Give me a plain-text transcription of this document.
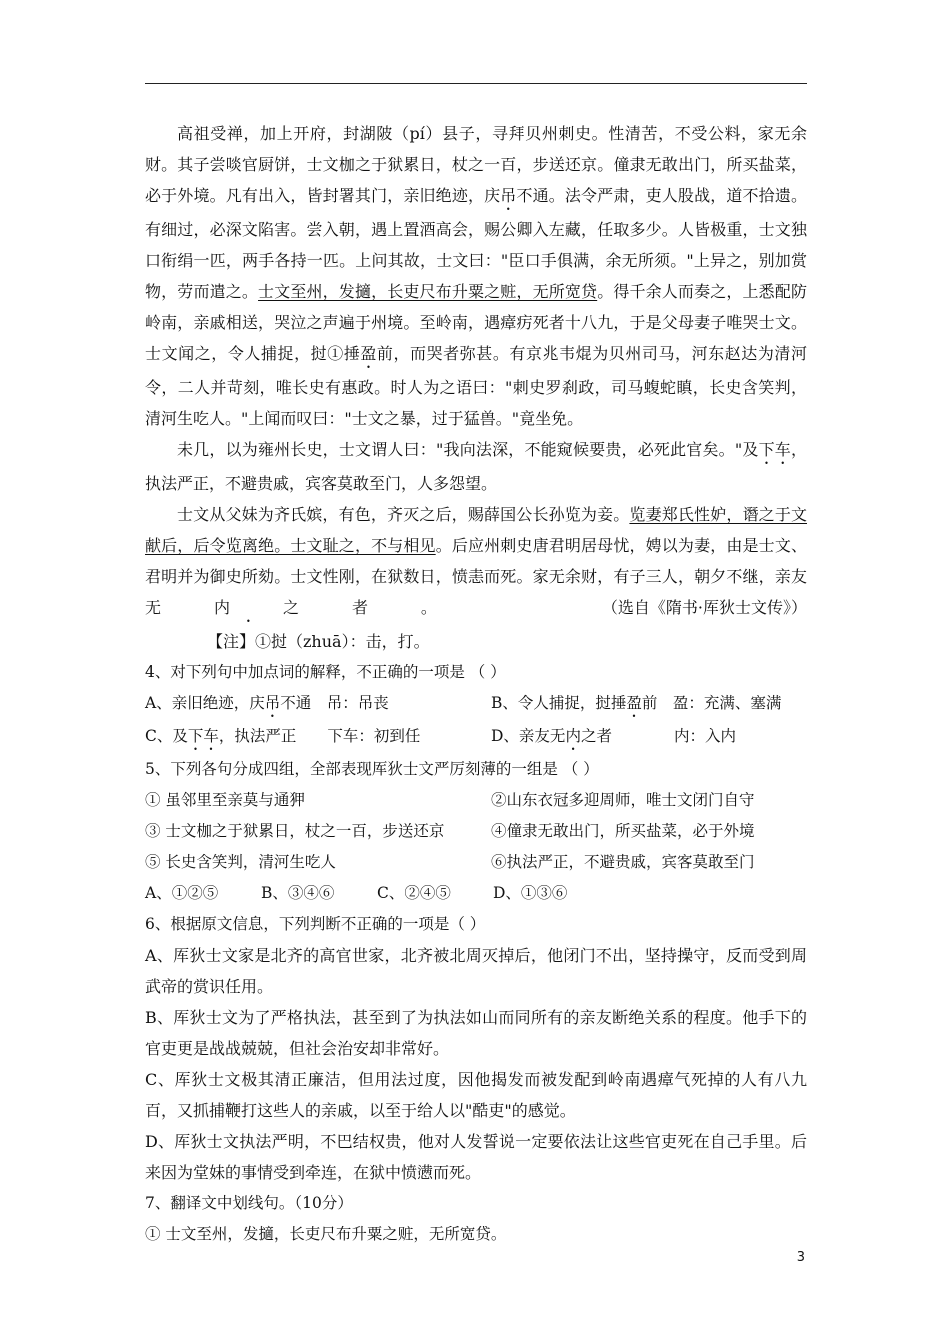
高祖受禅，加上开府，封湖陂（pí）县子，寻拜贝州刺史。性清苦，不受公料，家无余财。其子尝啖官厨饼，士文枷之于狱累日，杖之一百，步送还京。僮隶无敢出门，所买盐菜，必于外境。凡有出入，皆封署其门，亲旧绝迹，庆吊不通。法令严肃，吏人股战，道不拾遗。有细过，必深文陷害。尝入朝，遇上置酒高会，赐公卿入左藏，任取多少。人皆极重，士文独口衔绢一匹，两手各持一匹。上问其故，士文曰："臣口手俱满，余无所须。"上异之，别加赏物，劳而遣之。士文至州，发擿，长吏尺布升粟之赃，无所宽贷。得千余人而奏之，上悉配防岭南，亲戚相送，哭泣之声遍于州境。至岭南，遇瘴疠死者十八九，于是父母妻子唯哭士文。士文闻之，令人捕捉，挝①捶盈前，而哭者弥甚。有京兆韦焜为贝州司马，河东赵达为清河令，二人并苛刻，唯长史有惠政。时人为之语曰："刺史罗刹政，司马蝮蛇瞋，长史含笑判，清河生吃人。"上闻而叹曰："士文之暴，过于猛兽。"竟坐免。

未几，以为雍州长史，士文谓人曰："我向法深，不能窥候要贵，必死此官矣。"及下车，执法严正，不避贵戚，宾客莫敢至门，人多怨望。

士文从父妹为齐氏嫔，有色，齐灭之后，赐薛国公长孙览为妾。览妻郑氏性妒，谮之于文献后，后令览离绝。士文耻之，不与相见。后应州刺史唐君明居母忧，娉以为妻，由是士文、君明并为御史所劾。士文性刚，在狱数日，愤恚而死。家无余财，有子三人，朝夕不继，亲友无内之者。	（选自《隋书·厍狄士文传》）【注】①挝（zhuā）：击，打。

4、对下列句中加点词的解释，不正确的一项是 （ ）

A、亲旧绝迹，庆吊不通　吊：吊丧	B、令人捕捉，挝捶盈前　盈：充满、塞满

C、及下车，执法严正　　下车：初到任	D、亲友无内之者　　　　内：入内

5、下列各句分成四组，全部表现厍狄士文严厉刻薄的一组是 （ ）

① 虽邻里至亲莫与通狎	②山东衣冠多迎周师，唯士文闭门自守

③ 士文枷之于狱累日，杖之一百，步送还京	④僮隶无敢出门，所买盐菜，必于外境

⑤ 长史含笑判，清河生吃人	⑥执法严正，不避贵戚，宾客莫敢至门

A、①②⑤	B、③④⑥	C、②④⑤	D、①③⑥

6、根据原文信息，下列判断不正确的一项是（ ）

A、厍狄士文家是北齐的高官世家，北齐被北周灭掉后，他闭门不出，坚持操守，反而受到周武帝的赏识任用。

B、厍狄士文为了严格执法，甚至到了为执法如山而同所有的亲友断绝关系的程度。他手下的官吏更是战战兢兢，但社会治安却非常好。

C、厍狄士文极其清正廉洁，但用法过度，因他揭发而被发配到岭南遇瘴气死掉的人有八九百，又抓捕鞭打这些人的亲戚，以至于给人以"酷吏"的感觉。

D、厍狄士文执法严明，不巴结权贵，他对人发誓说一定要依法让这些官吏死在自己手里。后来因为堂妹的事情受到牵连，在狱中愤懑而死。

7、翻译文中划线句。（10分）

① 士文至州，发擿，长吏尺布升粟之赃，无所宽贷。

3
